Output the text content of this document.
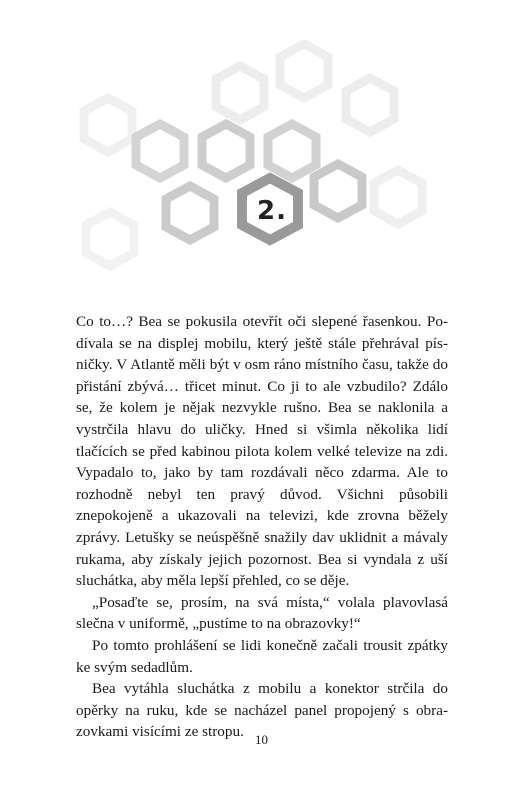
2.

Co to…? Bea se pokusila otevřít oči slepené řasenkou. Podívala se na displej mobilu, který ještě stále přehrával písničky. V Atlantě měli být v osm ráno místního času, takže do přistání zbývá… třicet minut. Co ji to ale vzbudilo? Zdálo se, že kolem je nějak nezvykle rušno. Bea se naklonila a vystrčila hlavu do uličky. Hned si všimla několika lidí tlačících se před kabinou pilota kolem velké televize na zdi. Vypadalo to, jako by tam rozdávali něco zdarma. Ale to rozhodně nebyl ten pravý důvod. Všichni působili znepokojeně a ukazovali na televizi, kde zrovna běžely zprávy. Letušky se neúspěšně snažily dav uklidnit a mávaly rukama, aby získaly jejich pozornost. Bea si vyndala z uší sluchátka, aby měla lepší přehled, co se děje.

„Posaďte se, prosím, na svá místa,“ volala plavovlasá slečna v uniformě, „pustíme to na obrazovky!“

Po tomto prohlášení se lidi konečně začali trousit zpátky ke svým sedadlům.

Bea vytáhla sluchátka z mobilu a konektor strčila do opěrky na ruku, kde se nacházel panel propojený s obrazovkami visícími ze stropu. 10
